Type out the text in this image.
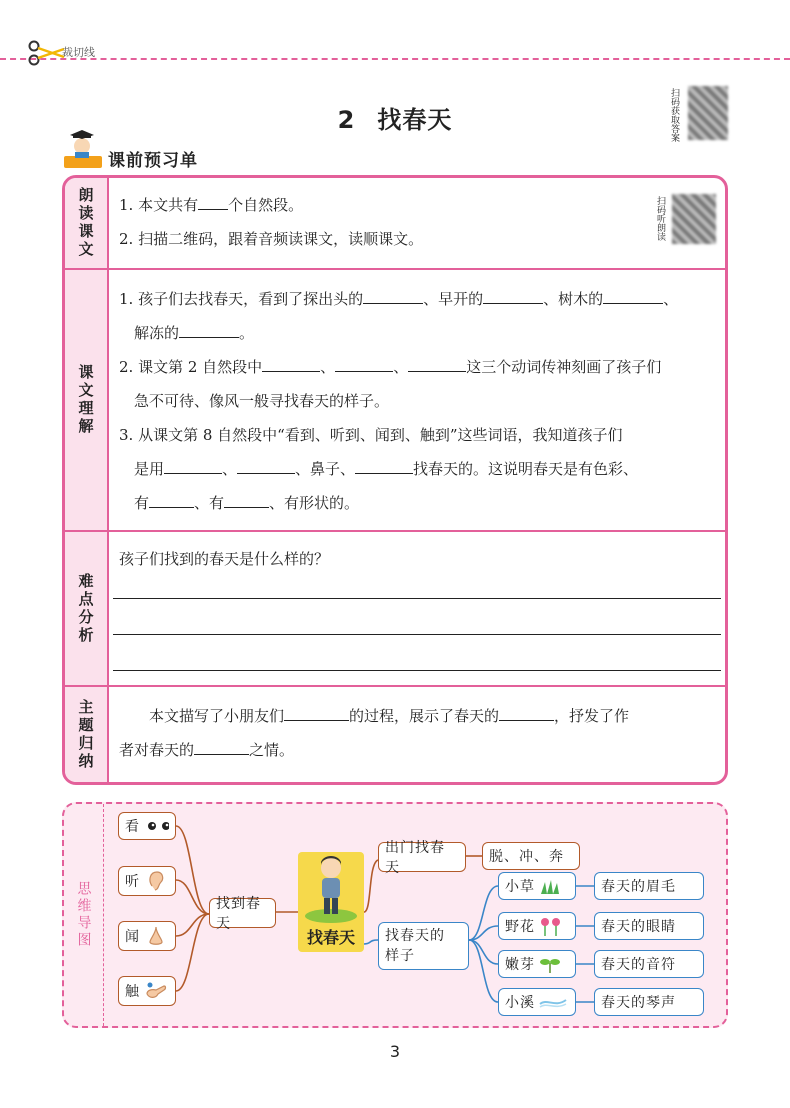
裁切线
2 找春天	扫码获取答案
扫码听朗读
课前预习单
朗读课文 1. 本文共有 个自然段。
2. 扫描二维码，跟着音频读课文，读顺课文。
课文理解
1. 孩子们去找春天，看到了探出头的	、早开的	、树木的	、
解冻的	。
2. 课文第 2 自然段中	、	、	这三个动词传神刻画了孩子们
急不可待、像风一般寻找春天的样子。
3. 从课文第 8 自然段中“看到、听到、闻到、触到”这些词语，我知道孩子们
是用	、	、鼻子、	找春天的。这说明春天是有色彩、
有	、有	、有形状的。
难点分析
孩子们找到的春天是什么样的？
主题归纳	本文描写了小朋友们	的过程，展示了春天的	，抒发了作
者对春天的	之情。
思维导图
看
听
闻
触
找到春天
找春天
出门找春天
脱、冲、奔
找春天的
样子
小草
野花
嫩芽
小溪
春天的眉毛
春天的眼睛
春天的音符
春天的琴声
3
